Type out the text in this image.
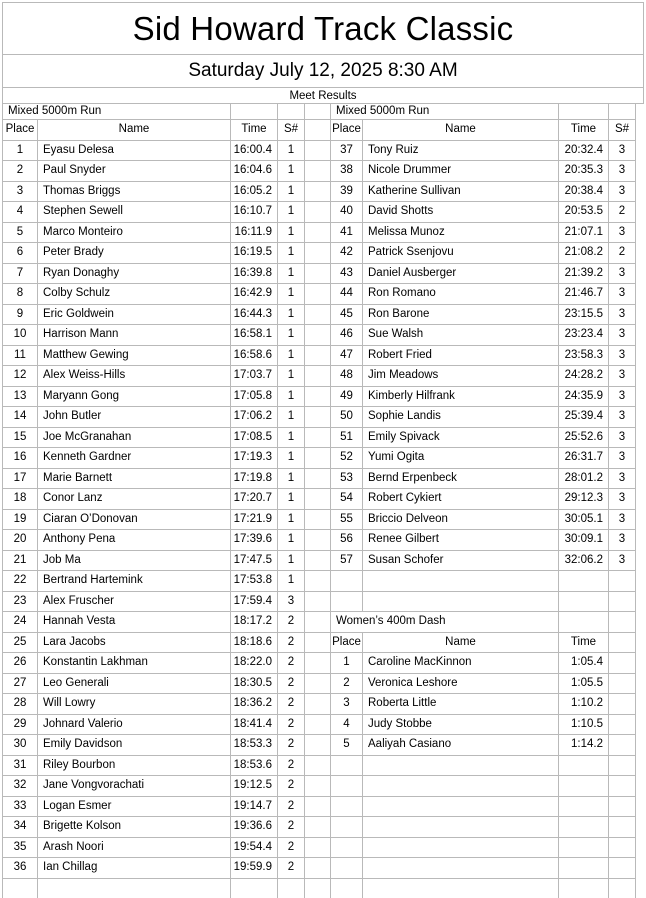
Sid Howard Track Classic
Saturday July 12, 2025 8:30 AM
Meet Results
Mixed 5000m Run	Mixed 5000m Run
Place	Name	Time	S#	Place	Name	Time	S#
1	Eyasu Delesa	16:00.4	1	37	Tony Ruiz	20:32.4	3
2	Paul Snyder	16:04.6	1	38	Nicole Drummer	20:35.3	3
3	Thomas Briggs	16:05.2	1	39	Katherine Sullivan	20:38.4	3
4	Stephen Sewell	16:10.7	1	40	David Shotts	20:53.5	2
5	Marco Monteiro	16:11.9	1	41	Melissa Munoz	21:07.1	3
6	Peter Brady	16:19.5	1	42	Patrick Ssenjovu	21:08.2	2
7	Ryan Donaghy	16:39.8	1	43	Daniel Ausberger	21:39.2	3
8	Colby Schulz	16:42.9	1	44	Ron Romano	21:46.7	3
9	Eric Goldwein	16:44.3	1	45	Ron Barone	23:15.5	3
10	Harrison Mann	16:58.1	1	46	Sue Walsh	23:23.4	3
11	Matthew Gewing	16:58.6	1	47	Robert Fried	23:58.3	3
12	Alex Weiss-Hills	17:03.7	1	48	Jim Meadows	24:28.2	3
13	Maryann Gong	17:05.8	1	49	Kimberly Hilfrank	24:35.9	3
14	John Butler	17:06.2	1	50	Sophie Landis	25:39.4	3
15	Joe McGranahan	17:08.5	1	51	Emily Spivack	25:52.6	3
16	Kenneth Gardner	17:19.3	1	52	Yumi Ogita	26:31.7	3
17	Marie Barnett	17:19.8	1	53	Bernd Erpenbeck	28:01.2	3
18	Conor Lanz	17:20.7	1	54	Robert Cykiert	29:12.3	3
19	Ciaran O’Donovan	17:21.9	1	55	Briccio Delveon	30:05.1	3
20	Anthony Pena	17:39.6	1	56	Renee Gilbert	30:09.1	3
21	Job Ma	17:47.5	1	57	Susan Schofer	32:06.2	3
22	Bertrand Hartemink	17:53.8	1
23	Alex Fruscher	17:59.4	3
24	Hannah Vesta	18:17.2	2	Women’s 400m Dash
25	Lara Jacobs	18:18.6	2	Place	Name	Time
26	Konstantin Lakhman	18:22.0	2	1	Caroline MacKinnon	1:05.4
27	Leo Generali	18:30.5	2	2	Veronica Leshore	1:05.5
28	Will Lowry	18:36.2	2	3	Roberta Little	1:10.2
29	Johnard Valerio	18:41.4	2	4	Judy Stobbe	1:10.5
30	Emily Davidson	18:53.3	2	5	Aaliyah Casiano	1:14.2
31	Riley Bourbon	18:53.6	2
32	Jane Vongvorachati	19:12.5	2
33	Logan Esmer	19:14.7	2
34	Brigette Kolson	19:36.6	2
35	Arash Noori	19:54.4	2
36	Ian Chillag	19:59.9	2
